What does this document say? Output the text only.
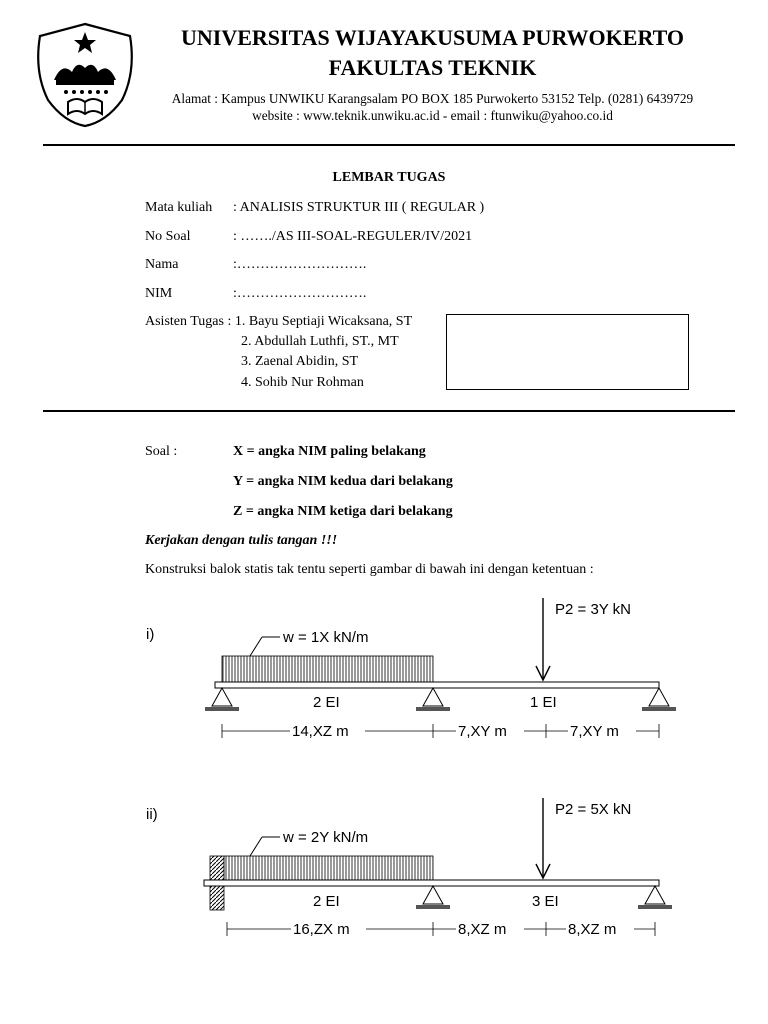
UNIVERSITAS WIJAYAKUSUMA PURWOKERTO
FAKULTAS TEKNIK
Alamat : Kampus UNWIKU Karangsalam PO BOX 185 Purwokerto 53152 Telp. (0281) 6439729
website : www.teknik.unwiku.ac.id - email : ftunwiku@yahoo.co.id
LEMBAR TUGAS
Mata kuliah : ANALISIS STRUKTUR III ( REGULAR )
No Soal	: ……./AS III-SOAL-REGULER/IV/2021
Nama	:……………………….
NIM	:……………………….
Asisten Tugas : 1. Bayu Septiaji Wicaksana, ST
2. Abdullah Luthfi, ST., MT
3. Zaenal Abidin, ST
4. Sohib Nur Rohman
Soal :	X = angka NIM paling belakang
Y = angka NIM kedua dari belakang
Z = angka NIM ketiga dari belakang
Kerjakan dengan tulis tangan !!!
Konstruksi balok statis tak tentu seperti gambar di bawah ini dengan ketentuan :
i)	w = 1X kN/m
P2 = 3Y kN
2 EI	1 EI
14,XZ m	7,XY m	7,XY m
ii)
w = 2Y kN/m
P2 = 5X kN
2 EI	3 EI
16,ZX m	8,XZ m	8,XZ m
